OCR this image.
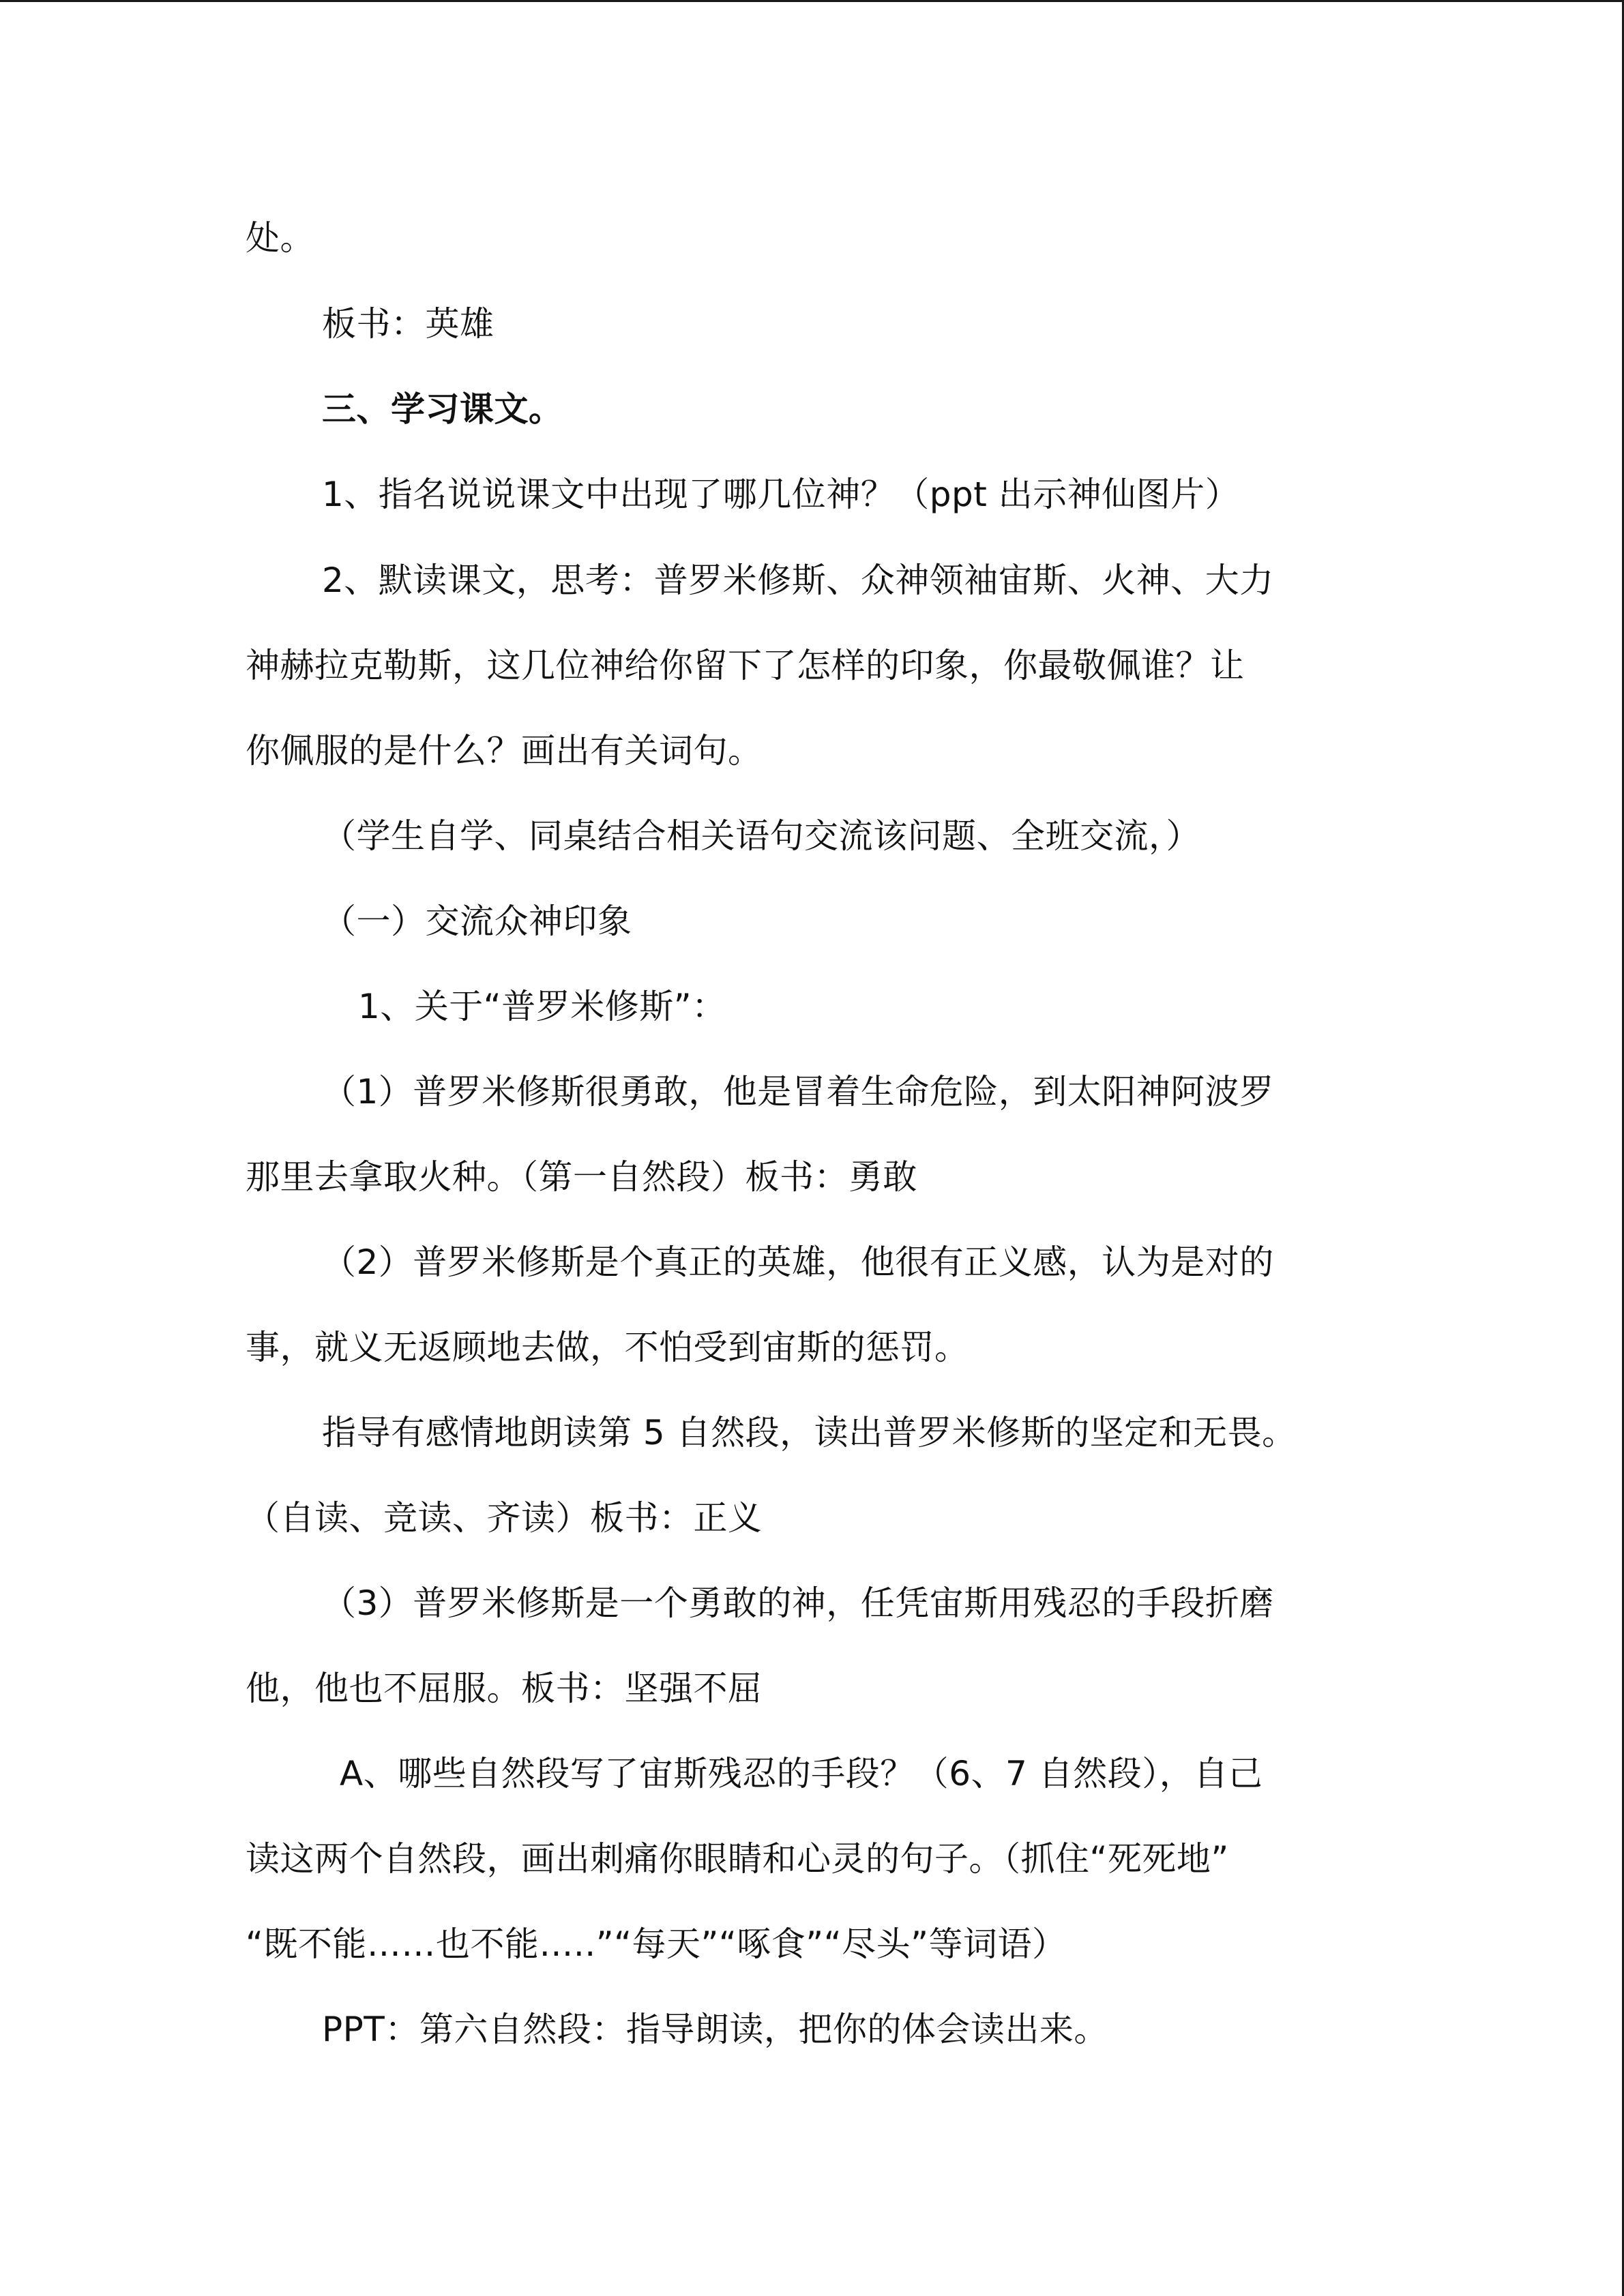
处。
板书：英雄
三、学习课文。
1、指名说说课文中出现了哪几位神？（ppt 出示神仙图片）
2、默读课文，思考：普罗米修斯、众神领袖宙斯、火神、大力
神赫拉克勒斯，这几位神给你留下了怎样的印象，你最敬佩谁？让
你佩服的是什么？画出有关词句。
（学生自学、同桌结合相关语句交流该问题、全班交流，）
（一）交流众神印象
1、关于“普罗米修斯”：
（1）普罗米修斯很勇敢，他是冒着生命危险，到太阳神阿波罗
那里去拿取火种。（第一自然段）板书：勇敢
（2）普罗米修斯是个真正的英雄，他很有正义感，认为是对的
事，就义无返顾地去做，不怕受到宙斯的惩罚。
指导有感情地朗读第 5 自然段，读出普罗米修斯的坚定和无畏。
（自读、竞读、齐读）板书：正义
（3）普罗米修斯是一个勇敢的神，任凭宙斯用残忍的手段折磨
他，他也不屈服。板书：坚强不屈
A、哪些自然段写了宙斯残忍的手段？（6、7 自然段），自己
读这两个自然段，画出刺痛你眼睛和心灵的句子。（抓住“死死地”
“既不能……也不能…..”“每天”“啄食”“尽头”等词语）
PPT：第六自然段：指导朗读，把你的体会读出来。
